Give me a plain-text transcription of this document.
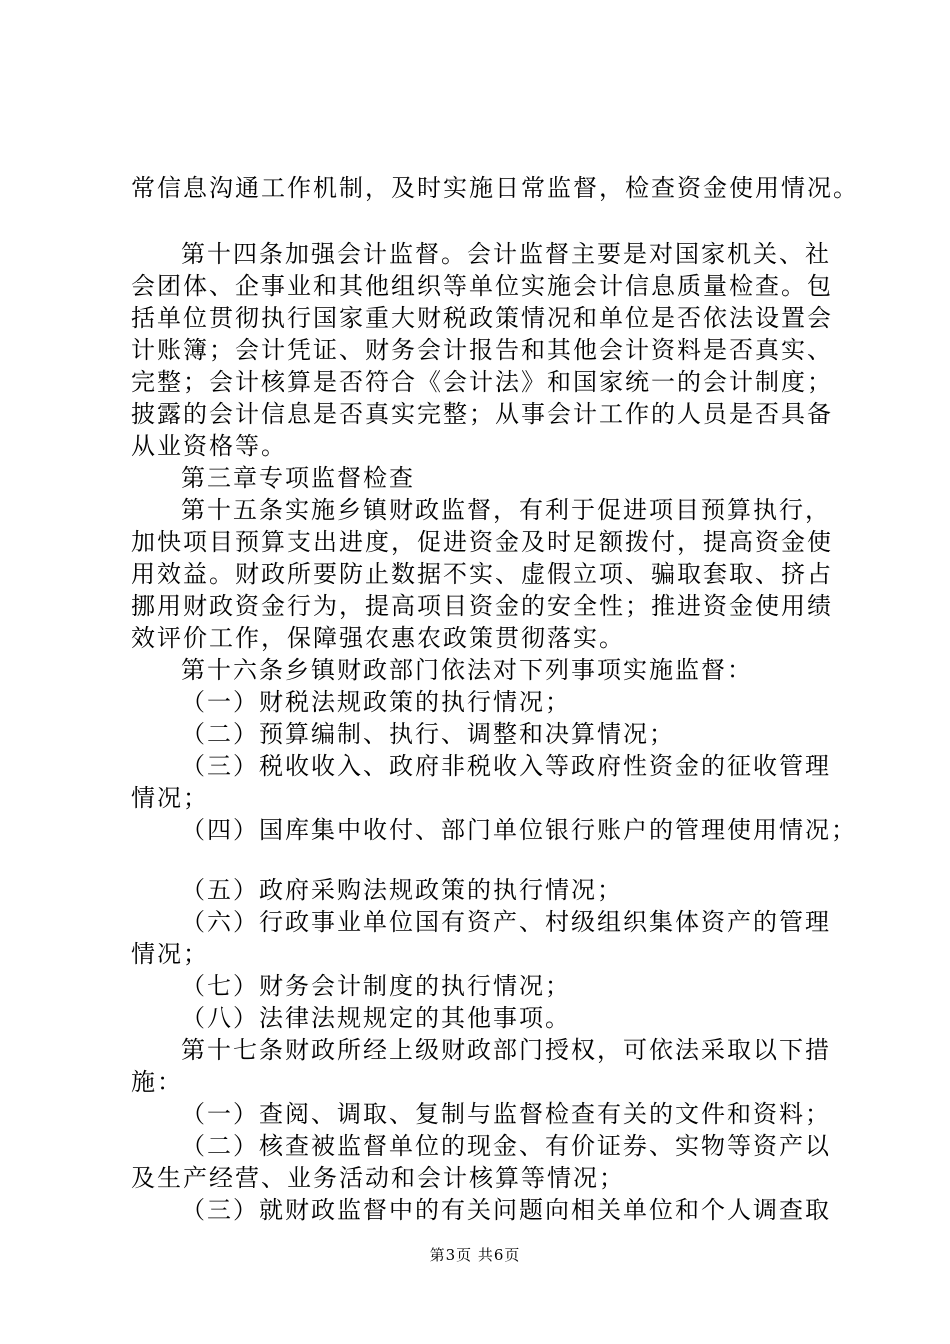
常信息沟通工作机制，及时实施日常监督，检查资金使用情况。

第十四条加强会计监督。会计监督主要是对国家机关、社

会团体、企事业和其他组织等单位实施会计信息质量检查。包

括单位贯彻执行国家重大财税政策情况和单位是否依法设置会

计账簿；会计凭证、财务会计报告和其他会计资料是否真实、

完整；会计核算是否符合《会计法》和国家统一的会计制度；

披露的会计信息是否真实完整；从事会计工作的人员是否具备

从业资格等。

第三章专项监督检查

第十五条实施乡镇财政监督，有利于促进项目预算执行，

加快项目预算支出进度，促进资金及时足额拨付，提高资金使

用效益。财政所要防止数据不实、虚假立项、骗取套取、挤占

挪用财政资金行为，提高项目资金的安全性；推进资金使用绩

效评价工作，保障强农惠农政策贯彻落实。

第十六条乡镇财政部门依法对下列事项实施监督：

（一）财税法规政策的执行情况；

（二）预算编制、执行、调整和决算情况；

（三）税收收入、政府非税收入等政府性资金的征收管理

情况；

（四）国库集中收付、部门单位银行账户的管理使用情况；

（五）政府采购法规政策的执行情况；

（六）行政事业单位国有资产、村级组织集体资产的管理

情况；

（七）财务会计制度的执行情况；

（八）法律法规规定的其他事项。

第十七条财政所经上级财政部门授权，可依法采取以下措

施：

（一）查阅、调取、复制与监督检查有关的文件和资料；

（二）核查被监督单位的现金、有价证券、实物等资产以

及生产经营、业务活动和会计核算等情况；

（三）就财政监督中的有关问题向相关单位和个人调查取

第3页 共6页
